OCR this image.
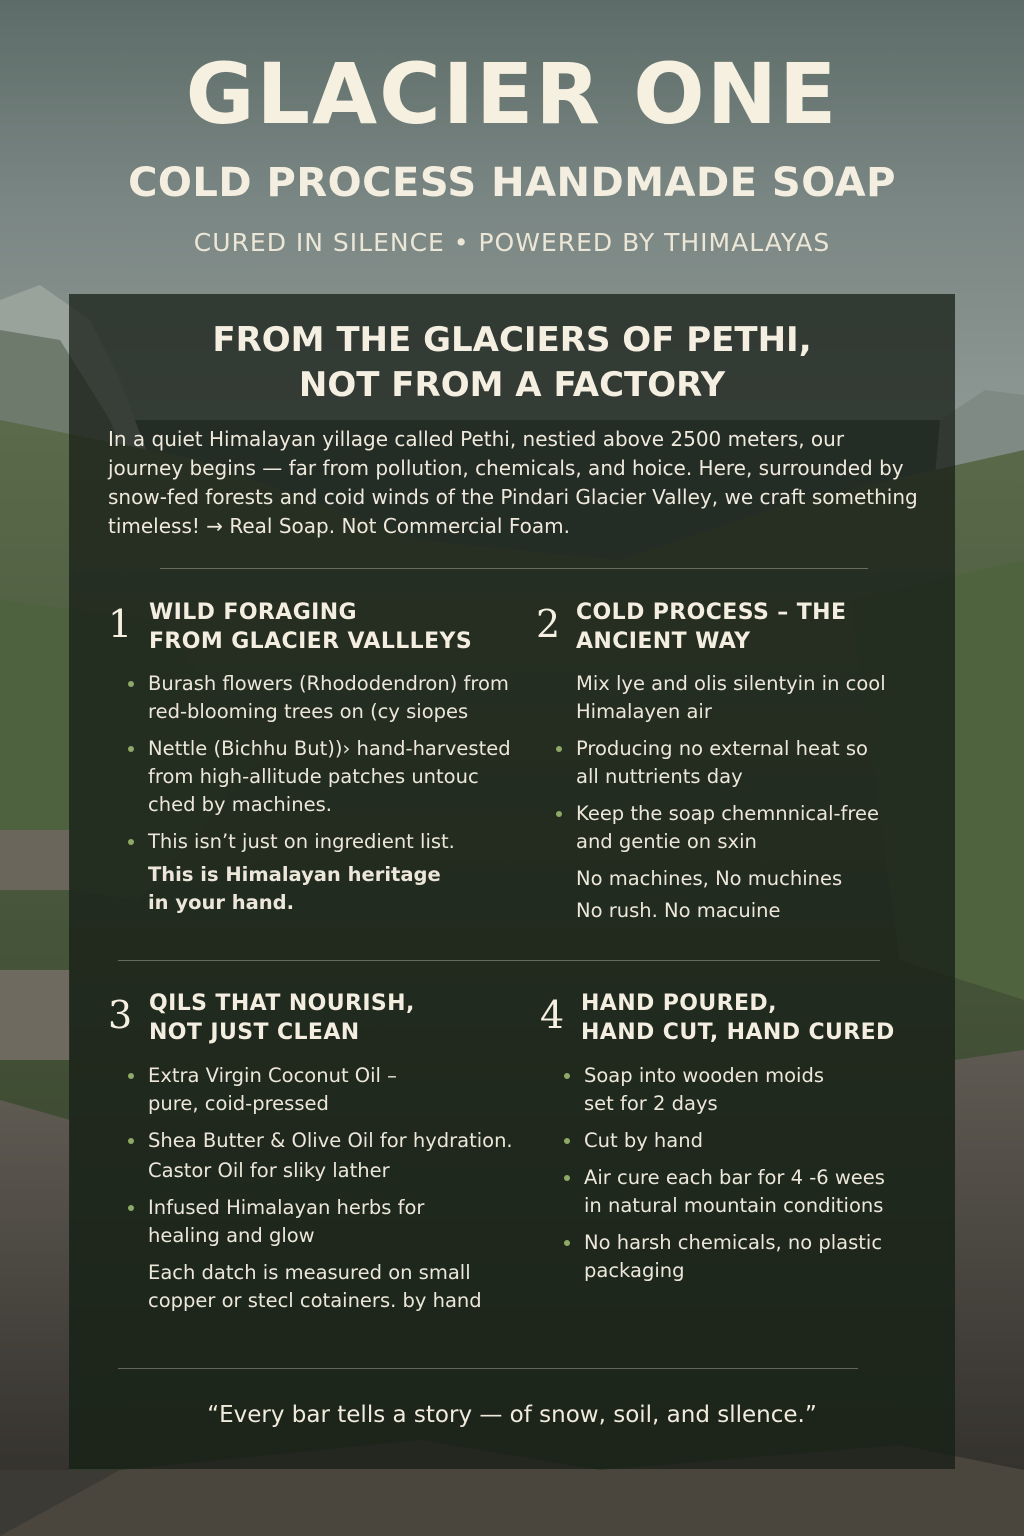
GLACIER ONE
COLD PROCESS HANDMADE SOAP
CURED IN SILENCE • POWERED BY THIMALAYAS
FROM THE GLACIERS OF PETHI,
NOT FROM A FACTORY
In a quiet Himalayan yillage called Pethi, nestied above 2500 meters, our journey begins — far from pollution, chemicals, and hoice. Here, surrounded by snow-fed forests and coid winds of the Pindari Glacier Valley, we craft something timeless! → Real Soap. Not Commercial Foam.
1 WILD FORAGING
FROM GLACIER VALLLEYS
Burash flowers (Rhododendron) from red-blooming trees on (cy siopes
Nettle (Bichhu But))› hand-harvested from high-allitude patches untouc ched by machines.
This isn’t just on ingredient list.
This is Himalayan heritage in your hand.
2 COLD PROCESS – THE
ANCIENT WAY
Mix lye and olis silentyin in cool Himalayen air
Producing no external heat so all nuttrients day
Keep the soap chemnnical-free and gentie on sxin
No machines, No muchines
No rush. No macuine
3 QILS THAT NOURISH,
NOT JUST CLEAN
Extra Virgin Coconut Oil – pure, coid-pressed
Shea Butter & Olive Oil for hydration.
Castor Oil for sliky lather
Infused Himalayan herbs for healing and glow
Each datch is measured on small copper or stecl cotainers. by hand
4 HAND POURED,
HAND CUT, HAND CURED
Soap into wooden moids set for 2 days
Cut by hand
Air cure each bar for 4 -6 wees in natural mountain conditions
No harsh chemicals, no plastic packaging
“Every bar tells a story — of snow, soil, and sllence.”
